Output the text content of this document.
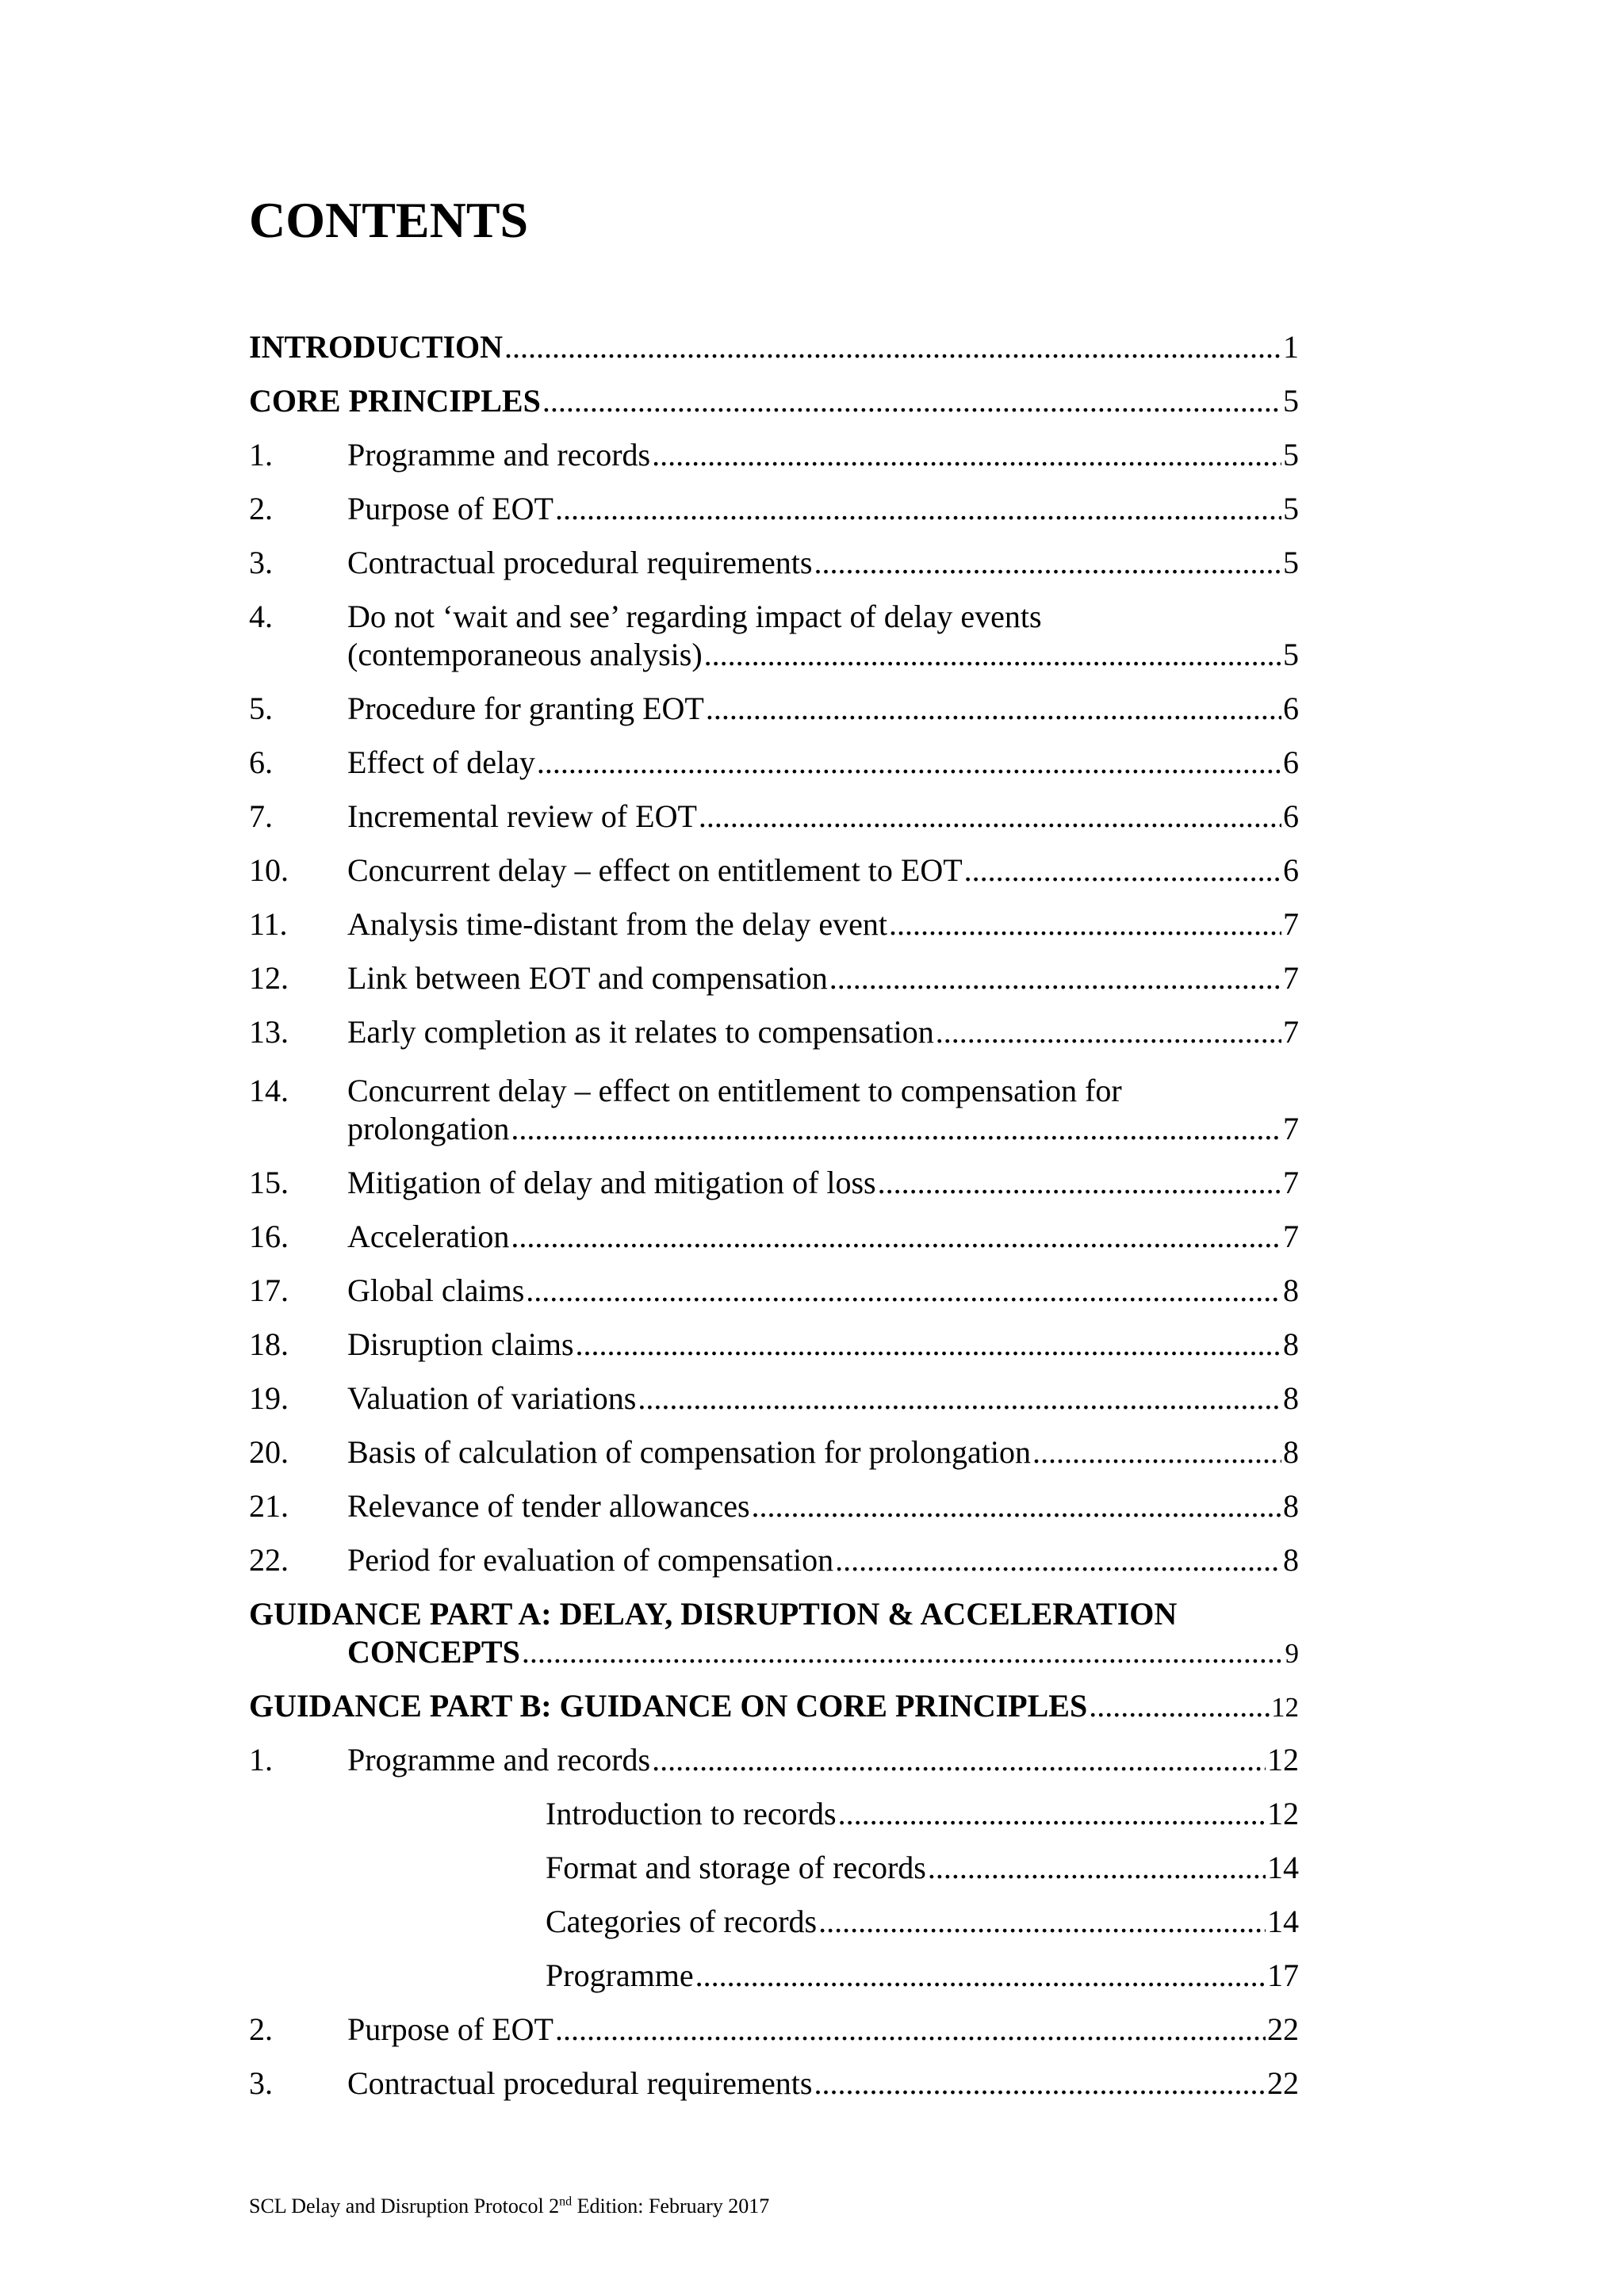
CONTENTS
INTRODUCTION .....	1
CORE PRINCIPLES .....	5
1. Programme and records .....	5
2. Purpose of EOT .....	5
3. Contractual procedural requirements .....	5
4. Do not ‘wait and see’ regarding impact of delay events
(contemporaneous analysis) .....	5
5. Procedure for granting EOT .....	6
6. Effect of delay .....	6
7. Incremental review of EOT .....	6
10. Concurrent delay – effect on entitlement to EOT .....	6
11. Analysis time-distant from the delay event .....	7
12. Link between EOT and compensation .....	7
13. Early completion as it relates to compensation .....	7
14. Concurrent delay – effect on entitlement to compensation for
prolongation .....	7
15. Mitigation of delay and mitigation of loss .....	7
16. Acceleration .....	7
17. Global claims .....	8
18. Disruption claims .....	8
19. Valuation of variations .....	8
20. Basis of calculation of compensation for prolongation .....	8
21. Relevance of tender allowances .....	8
22. Period for evaluation of compensation .....	8
GUIDANCE PART A: DELAY, DISRUPTION & ACCELERATION
CONCEPTS .....	9
GUIDANCE PART B: GUIDANCE ON CORE PRINCIPLES .....	12
1. Programme and records .....	12
Introduction to records .....	12
Format and storage of records .....	14
Categories of records .....	14
Programme .....	17
2. Purpose of EOT .....	22
3. Contractual procedural requirements .....	22
SCL Delay and Disruption Protocol 2nd Edition: February 2017
